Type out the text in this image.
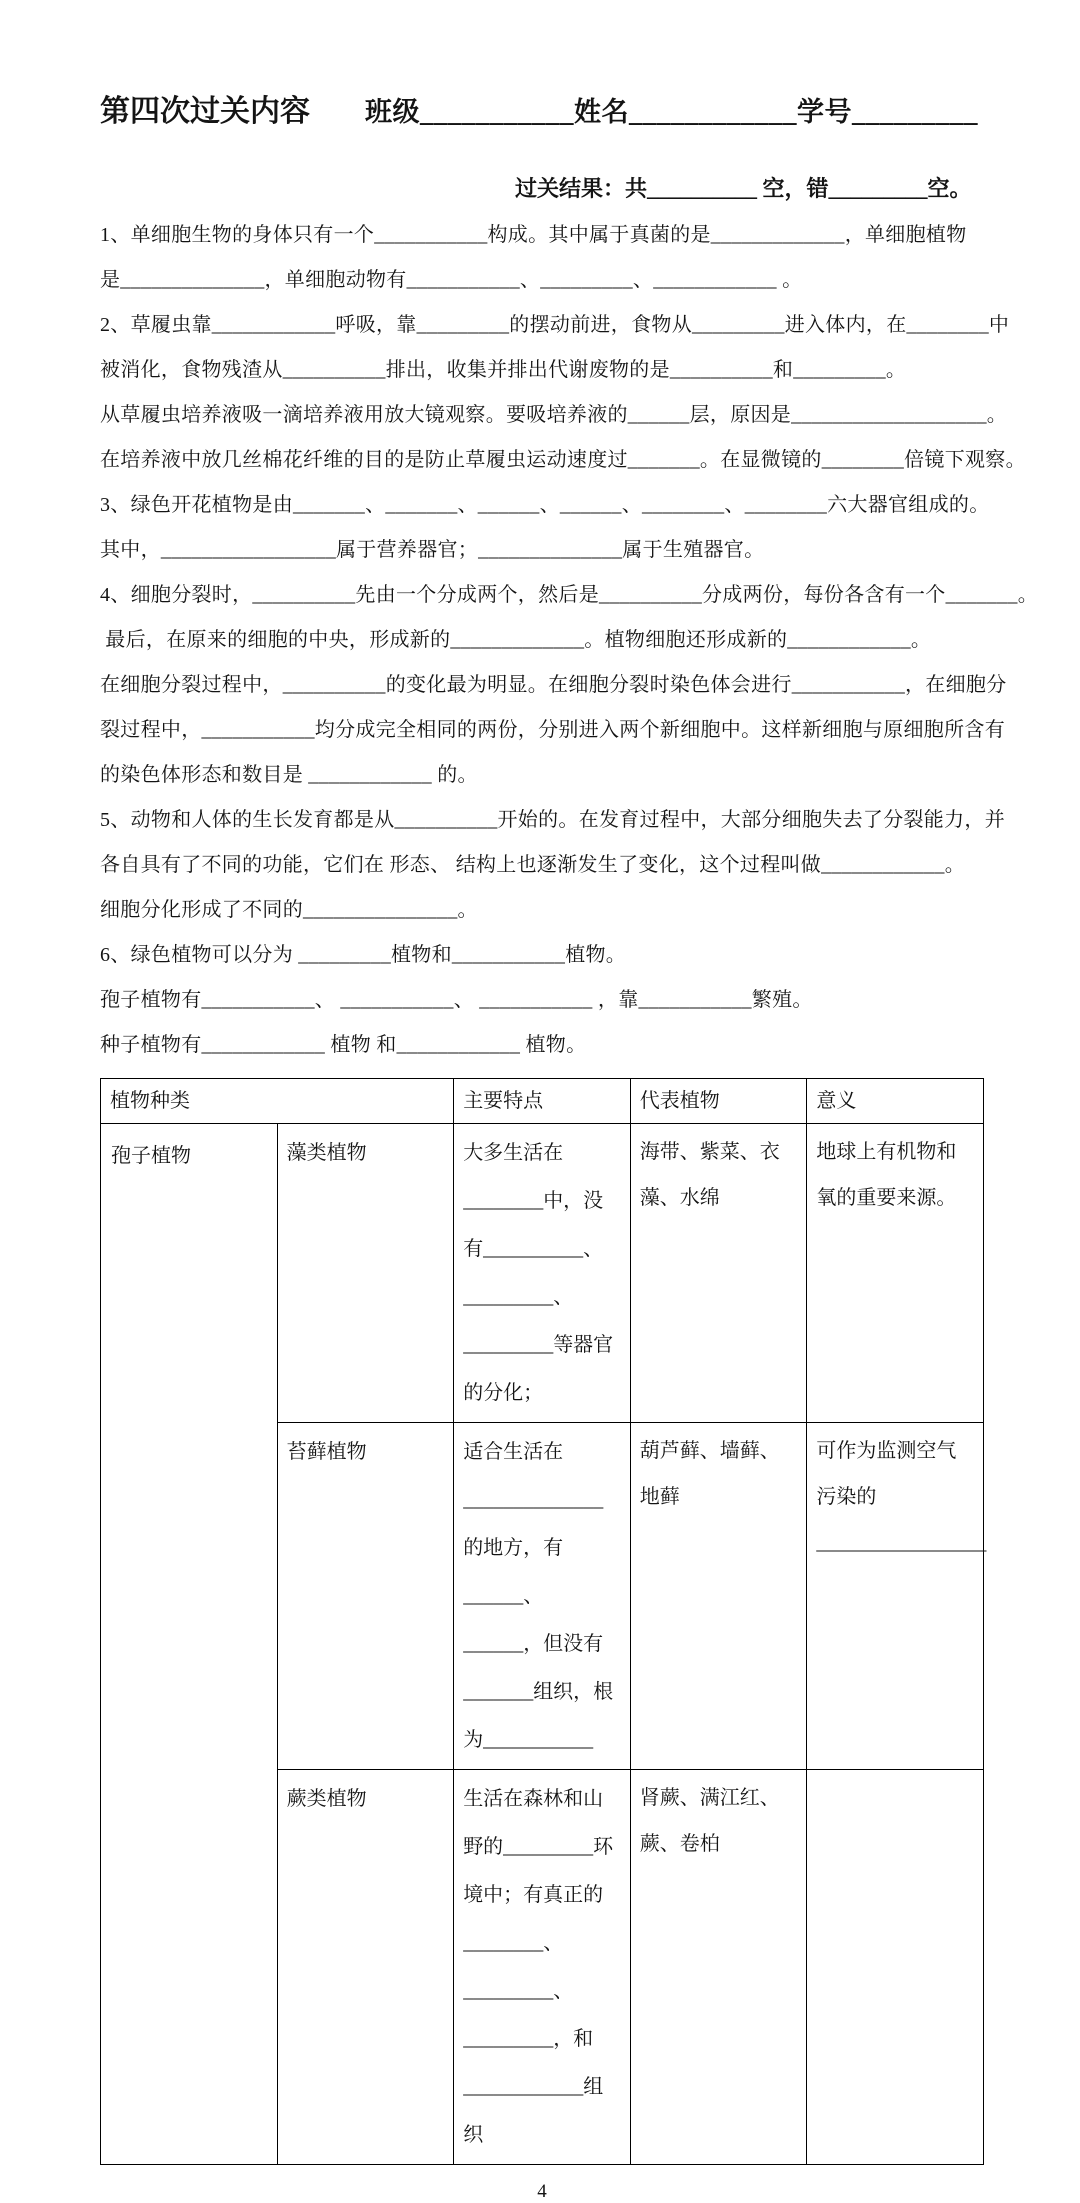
第四次过关内容 班级___________姓名____________学号_________
过关结果：共__________ 空，错_________空。

1、单细胞生物的身体只有一个___________构成。其中属于真菌的是_____________，单细胞植物

是______________，单细胞动物有___________、_________、____________ 。

2、草履虫靠____________呼吸，靠_________的摆动前进，食物从_________进入体内，在________中

被消化，食物残渣从__________排出，收集并排出代谢废物的是__________和_________。

从草履虫培养液吸一滴培养液用放大镜观察。要吸培养液的______层，原因是___________________。

在培养液中放几丝棉花纤维的目的是防止草履虫运动速度过_______。在显微镜的________倍镜下观察。

3、绿色开花植物是由_______、_______、______、______、________、________六大器官组成的。

其中，_________________属于营养器官；______________属于生殖器官。

4、细胞分裂时，__________先由一个分成两个，然后是__________分成两份，每份各含有一个_______。

最后，在原来的细胞的中央，形成新的_____________。植物细胞还形成新的____________。

在细胞分裂过程中，__________的变化最为明显。在细胞分裂时染色体会进行___________，在细胞分

裂过程中，___________均分成完全相同的两份，分别进入两个新细胞中。这样新细胞与原细胞所含有

的染色体形态和数目是 ____________ 的。

5、动物和人体的生长发育都是从__________开始的。在发育过程中，大部分细胞失去了分裂能力，并

各自具有了不同的功能，它们在 形态、 结构上也逐渐发生了变化，这个过程叫做____________。

细胞分化形成了不同的_______________。

6、绿色植物可以分为 _________植物和___________植物。

孢子植物有___________、 ___________、 ___________ ，靠___________繁殖。

种子植物有____________ 植物 和____________ 植物。

植物种类		主要特点	代表植物	意义
孢子植物	藻类植物	大多生活在________中，没有__________、_________、_________等器官的分化；	海带、紫菜、衣藻、水绵	地球上有机物和氧的重要来源。
	苔藓植物	适合生活在______________的地方，有______、______，但没有_______组织，根为___________	葫芦藓、墙藓、地藓	可作为监测空气污染的_________________
	蕨类植物	生活在森林和山野的_________环境中；有真正的________、_________、_________，和____________组织	肾蕨、满江红、蕨、卷柏	
4
